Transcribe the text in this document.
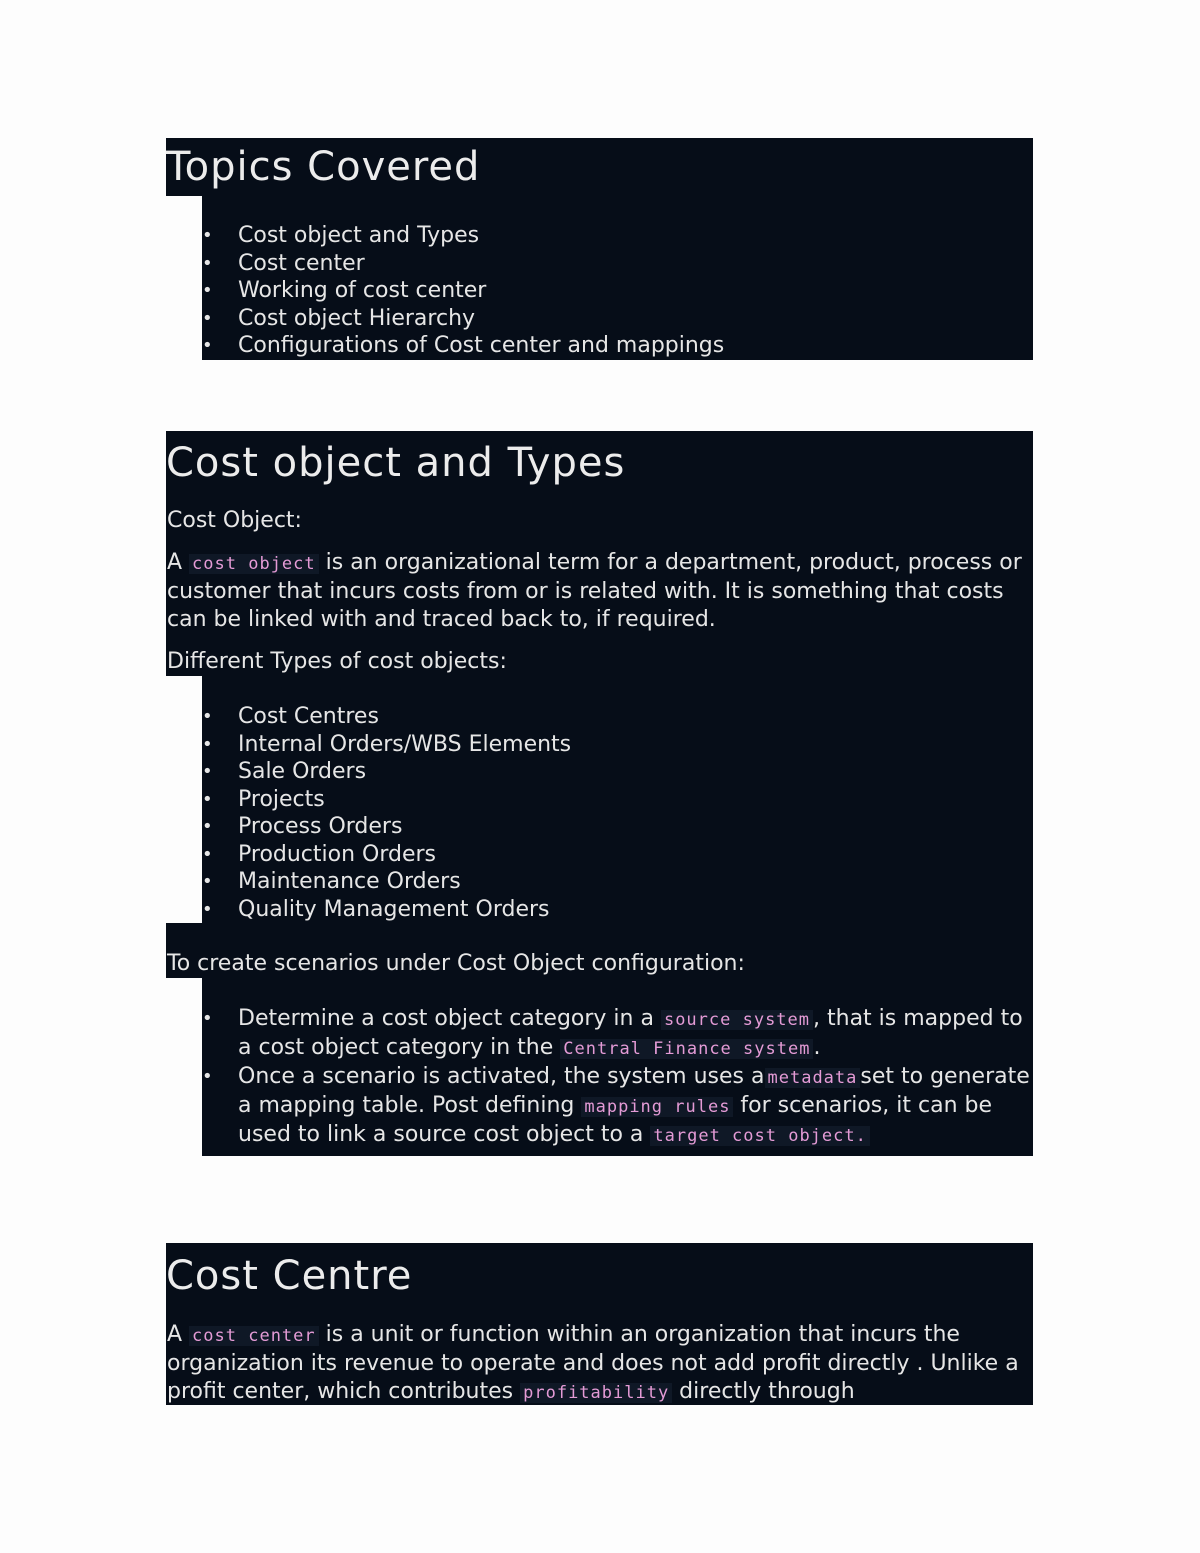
Topics Covered
• Cost object and Types
• Cost center
• Working of cost center
• Cost object Hierarchy
• Configurations of Cost center and mappings
Cost object and Types
Cost Object:
A cost object is an organizational term for a department, product, process or customer that incurs costs from or is related with. It is something that costs can be linked with and traced back to, if required.
Different Types of cost objects:
• Cost Centres
• Internal Orders/WBS Elements
• Sale Orders
• Projects
• Process Orders
• Production Orders
• Maintenance Orders
• Quality Management Orders
To create scenarios under Cost Object configuration:
• Determine a cost object category in a source system , that is mapped to a cost object category in the Central Finance system .
• Once a scenario is activated, the system uses a metadata set to generate a mapping table. Post defining mapping rules for scenarios, it can be used to link a source cost object to a target cost object.
Cost Centre
A cost center is a unit or function within an organization that incurs the organization its revenue to operate and does not add profit directly . Unlike a profit center, which contributes profitability directly through
